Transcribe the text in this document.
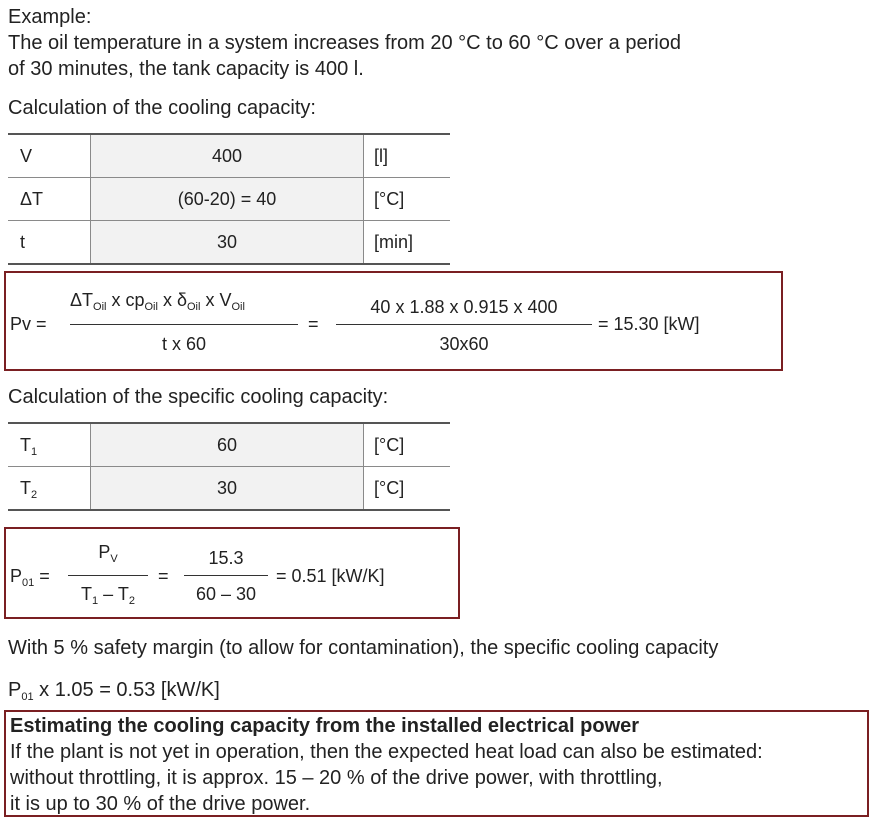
Example:
The oil temperature in a system increases from 20 °C to 60 °C over a period
of 30 minutes, the tank capacity is 400 l.
Calculation of the cooling capacity:
V	400	[l]
ΔT	(60-20) = 40	[°C]
t	30	[min]
Pv =
$\Delta T_{Oil}$ x $cp_{Oil}$ x $\delta_{Oil}$ x $V_{Oil}$
t x 60
=
40 x 1.88 x 0.915 x 400
30x60
= 15.30 [kW]
Calculation of the specific cooling capacity:
$T_1$	60	[°C]
$T_2$	30	[°C]
$P_{01}$ =
$P_V$
$T_1 - T_2$
=
15.3
60 – 30
= 0.51 [kW/K]
With 5 % safety margin (to allow for contamination), the specific cooling capacity
$P_{01}$ x 1.05 = 0.53 [kW/K]
Estimating the cooling capacity from the installed electrical power
If the plant is not yet in operation, then the expected heat load can also be estimated:
without throttling, it is approx. 15 – 20 % of the drive power, with throttling,
it is up to 30 % of the drive power.
